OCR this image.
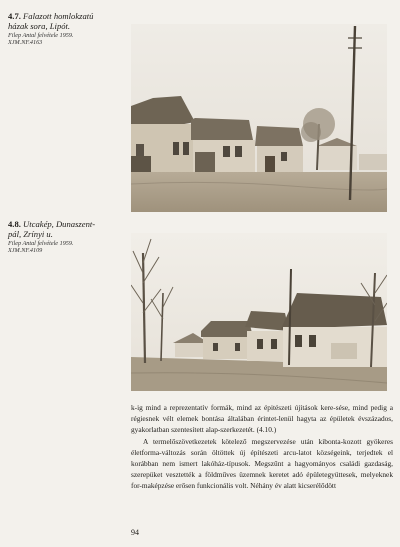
4.7. Falazott homlokzatú
házak sora, Lipót.
Filep Antal felvétele 1959.
XJM.NF.4163
4.8. Utcakép, Dunaszent-
pál, Zrínyi u.
Filep Antal felvétele 1959.
XJM.NF.4109

k-ig mind a reprezentatív formák, mind az épitészeti újítások kere-sése, mind pedig a régiesnek vélt elemek bontása általában érintet-lenül hagyta az épületek évszázados, gyakorlatban szentesített alap-szerkezetét. (4.10.)

A termelőszövetkezetek kötelező megszervezése után kibonta-kozott gyökeres életforma-változás során öltöttek új építészeti arcu-latot községeink, terjedtek el korábban nem ismert lakóház-típusok. Megszűnt a hagyományos családi gazdaság, szerepüket vesztették a földműves üzemnek keretet adó épületegyüttesek, melyeknek for-maképzése erősen funkcionális volt. Néhány év alatt kicserélődött

94
